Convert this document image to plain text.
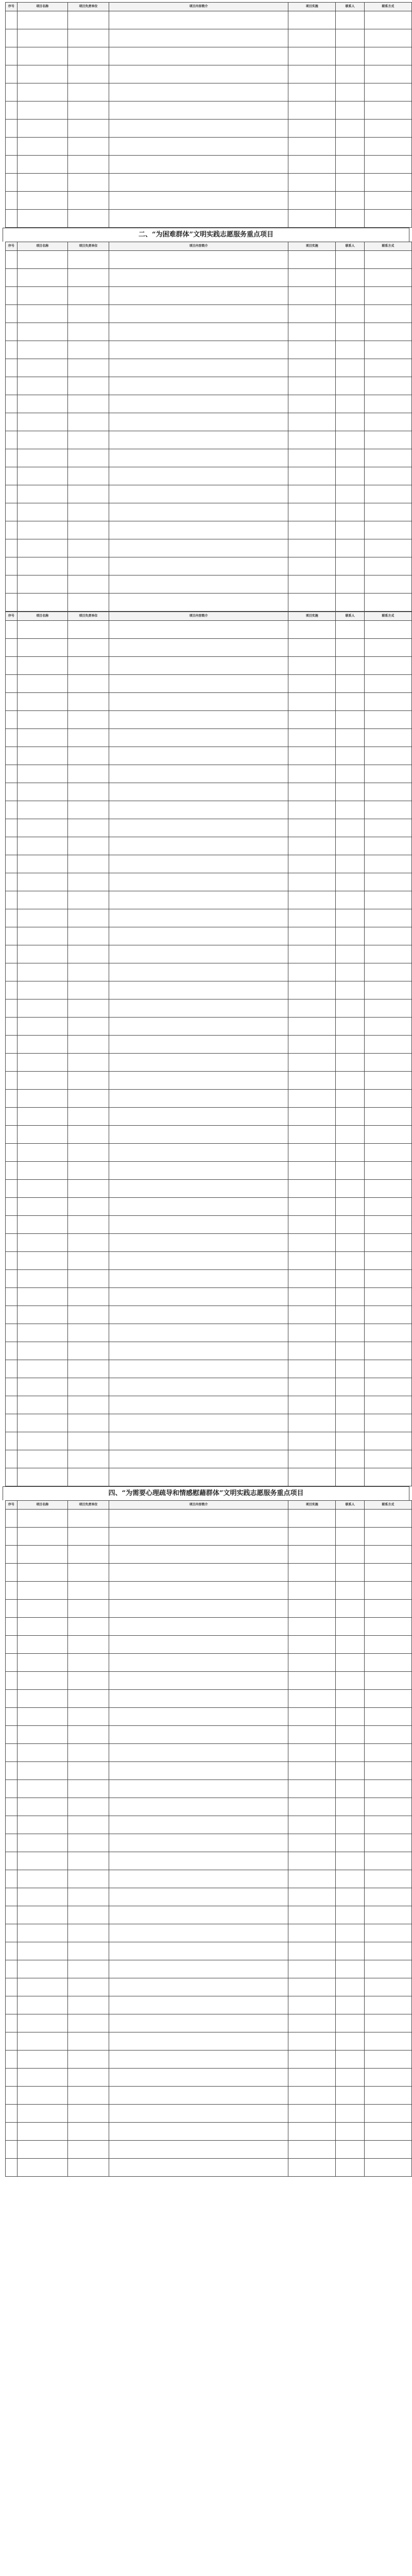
序号	项目名称	项目负责单位	项目内容简介	项目实施	联系人	联系方式

二、“为困难群体”文明实践志愿服务重点项目
序号	项目名称	项目负责单位	项目内容简介	项目实施	联系人	联系方式

序号	项目名称	项目负责单位	项目内容简介	项目实施	联系人	联系方式

四、“为需要心理疏导和情感慰藉群体”文明实践志愿服务重点项目
序号	项目名称	项目负责单位	项目内容简介	项目实施	联系人	联系方式
